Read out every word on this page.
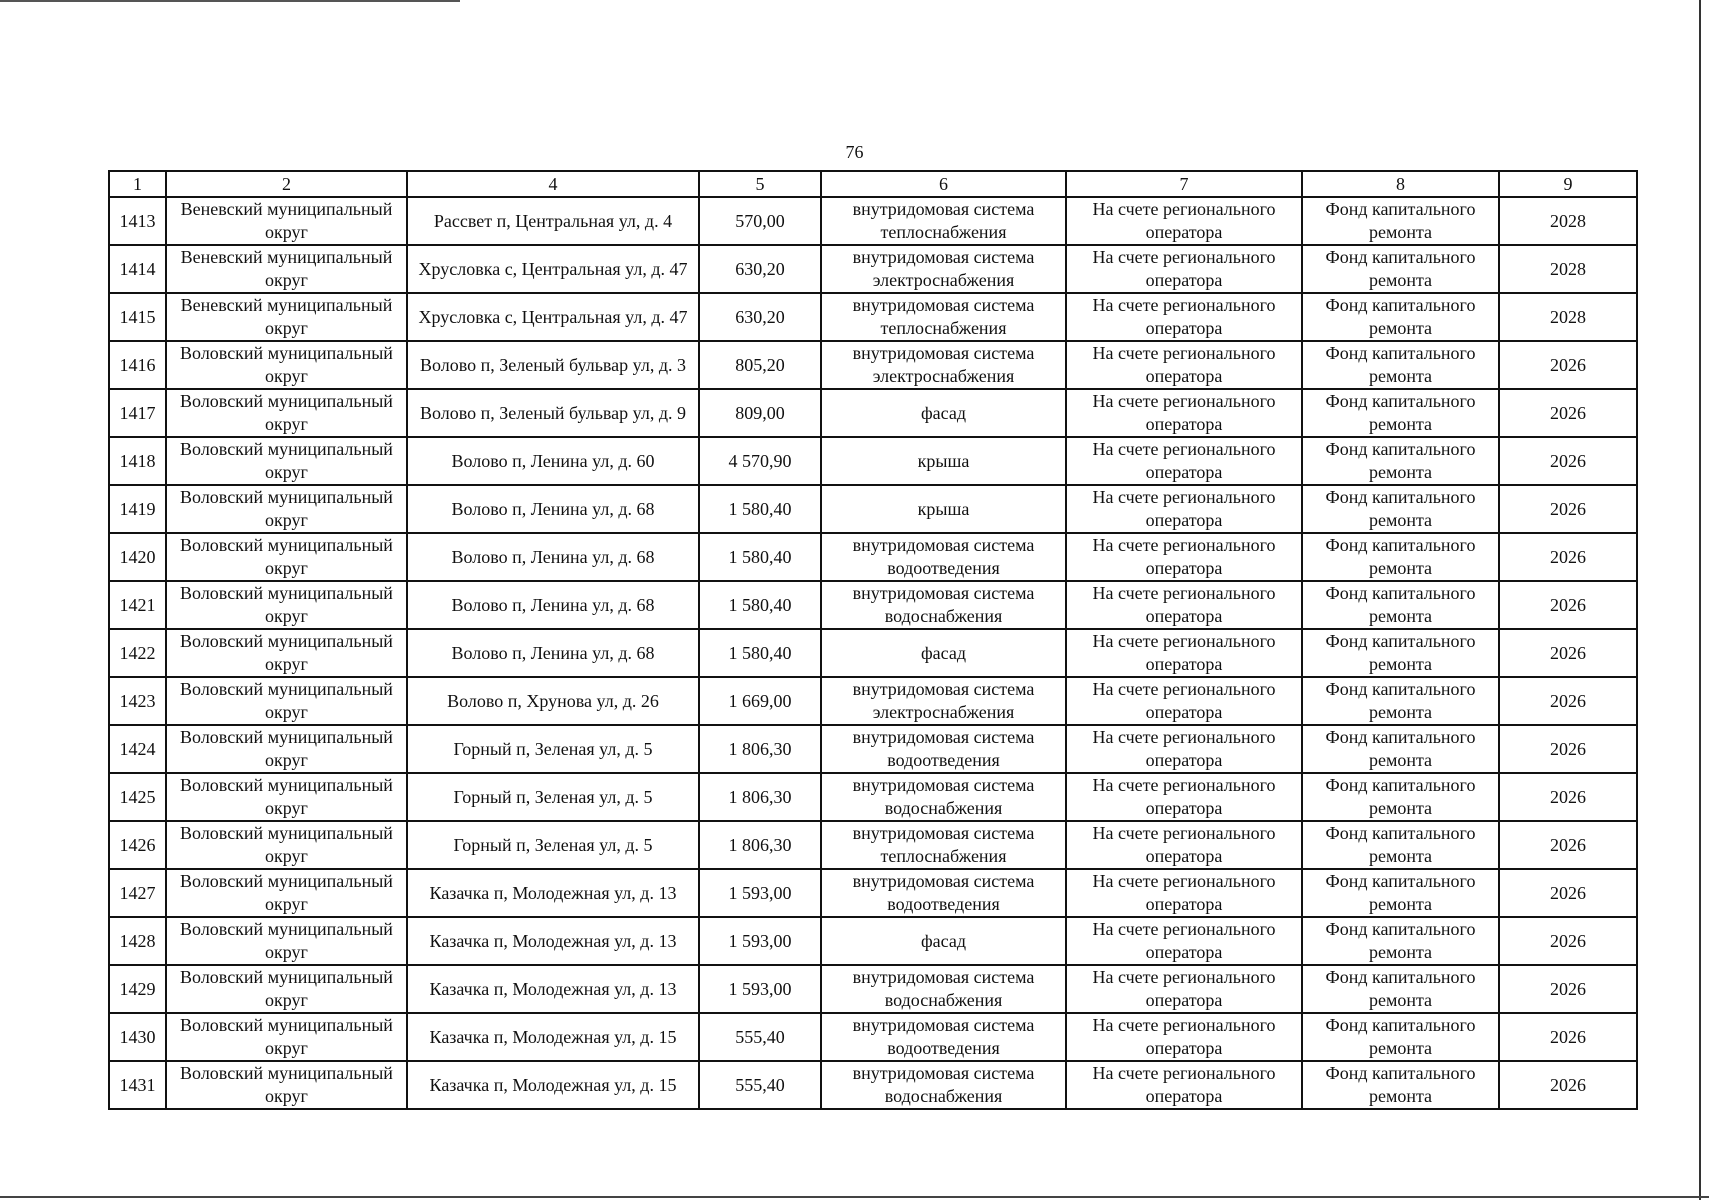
76
1	2	4	5	6	7	8	9
1413	Веневский муниципальный округ	Рассвет п, Центральная ул, д. 4	570,00	внутридомовая система теплоснабжения	На счете регионального оператора	Фонд капитального ремонта	2028
1414	Веневский муниципальный округ	Хрусловка с, Центральная ул, д. 47	630,20	внутридомовая система электроснабжения	На счете регионального оператора	Фонд капитального ремонта	2028
1415	Веневский муниципальный округ	Хрусловка с, Центральная ул, д. 47	630,20	внутридомовая система теплоснабжения	На счете регионального оператора	Фонд капитального ремонта	2028
1416	Воловский муниципальный округ	Волово п, Зеленый бульвар ул, д. 3	805,20	внутридомовая система электроснабжения	На счете регионального оператора	Фонд капитального ремонта	2026
1417	Воловский муниципальный округ	Волово п, Зеленый бульвар ул, д. 9	809,00	фасад	На счете регионального оператора	Фонд капитального ремонта	2026
1418	Воловский муниципальный округ	Волово п, Ленина ул, д. 60	4 570,90	крыша	На счете регионального оператора	Фонд капитального ремонта	2026
1419	Воловский муниципальный округ	Волово п, Ленина ул, д. 68	1 580,40	крыша	На счете регионального оператора	Фонд капитального ремонта	2026
1420	Воловский муниципальный округ	Волово п, Ленина ул, д. 68	1 580,40	внутридомовая система водоотведения	На счете регионального оператора	Фонд капитального ремонта	2026
1421	Воловский муниципальный округ	Волово п, Ленина ул, д. 68	1 580,40	внутридомовая система водоснабжения	На счете регионального оператора	Фонд капитального ремонта	2026
1422	Воловский муниципальный округ	Волово п, Ленина ул, д. 68	1 580,40	фасад	На счете регионального оператора	Фонд капитального ремонта	2026
1423	Воловский муниципальный округ	Волово п, Хрунова ул, д. 26	1 669,00	внутридомовая система электроснабжения	На счете регионального оператора	Фонд капитального ремонта	2026
1424	Воловский муниципальный округ	Горный п, Зеленая ул, д. 5	1 806,30	внутридомовая система водоотведения	На счете регионального оператора	Фонд капитального ремонта	2026
1425	Воловский муниципальный округ	Горный п, Зеленая ул, д. 5	1 806,30	внутридомовая система водоснабжения	На счете регионального оператора	Фонд капитального ремонта	2026
1426	Воловский муниципальный округ	Горный п, Зеленая ул, д. 5	1 806,30	внутридомовая система теплоснабжения	На счете регионального оператора	Фонд капитального ремонта	2026
1427	Воловский муниципальный округ	Казачка п, Молодежная ул, д. 13	1 593,00	внутридомовая система водоотведения	На счете регионального оператора	Фонд капитального ремонта	2026
1428	Воловский муниципальный округ	Казачка п, Молодежная ул, д. 13	1 593,00	фасад	На счете регионального оператора	Фонд капитального ремонта	2026
1429	Воловский муниципальный округ	Казачка п, Молодежная ул, д. 13	1 593,00	внутридомовая система водоснабжения	На счете регионального оператора	Фонд капитального ремонта	2026
1430	Воловский муниципальный округ	Казачка п, Молодежная ул, д. 15	555,40	внутридомовая система водоотведения	На счете регионального оператора	Фонд капитального ремонта	2026
1431	Воловский муниципальный округ	Казачка п, Молодежная ул, д. 15	555,40	внутридомовая система водоснабжения	На счете регионального оператора	Фонд капитального ремонта	2026
